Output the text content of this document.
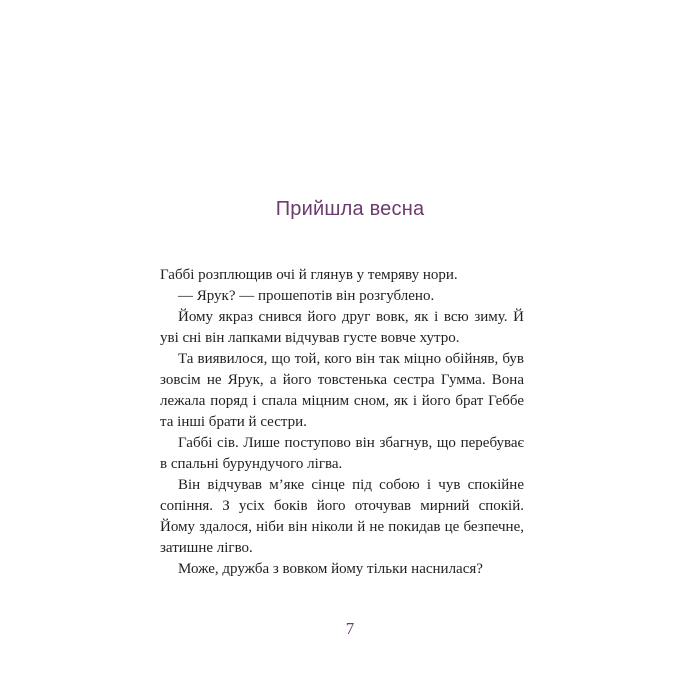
Прийшла весна

Габбі розплющив очі й глянув у темряву нори.

— Ярук? — прошепотів він розгублено.

Йому якраз снився його друг вовк, як і всю зиму. Й уві сні він лапками відчував густе вовче хутро.

Та виявилося, що той, кого він так міцно обійняв, був зовсім не Ярук, а його товстенька сестра Гумма. Вона лежала поряд і спала міцним сном, як і його брат Геббе та інші брати й сестри.

Габбі сів. Лише поступово він збагнув, що перебуває в спальні бурундучого лігва.

Він відчував м’яке сінце під собою і чув спокійне сопіння. З усіх боків його оточував мирний спокій. Йому здалося, ніби він ніколи й не покидав це безпечне, затишне лігво.

Може, дружба з вовком йому тільки наснилася?

7
